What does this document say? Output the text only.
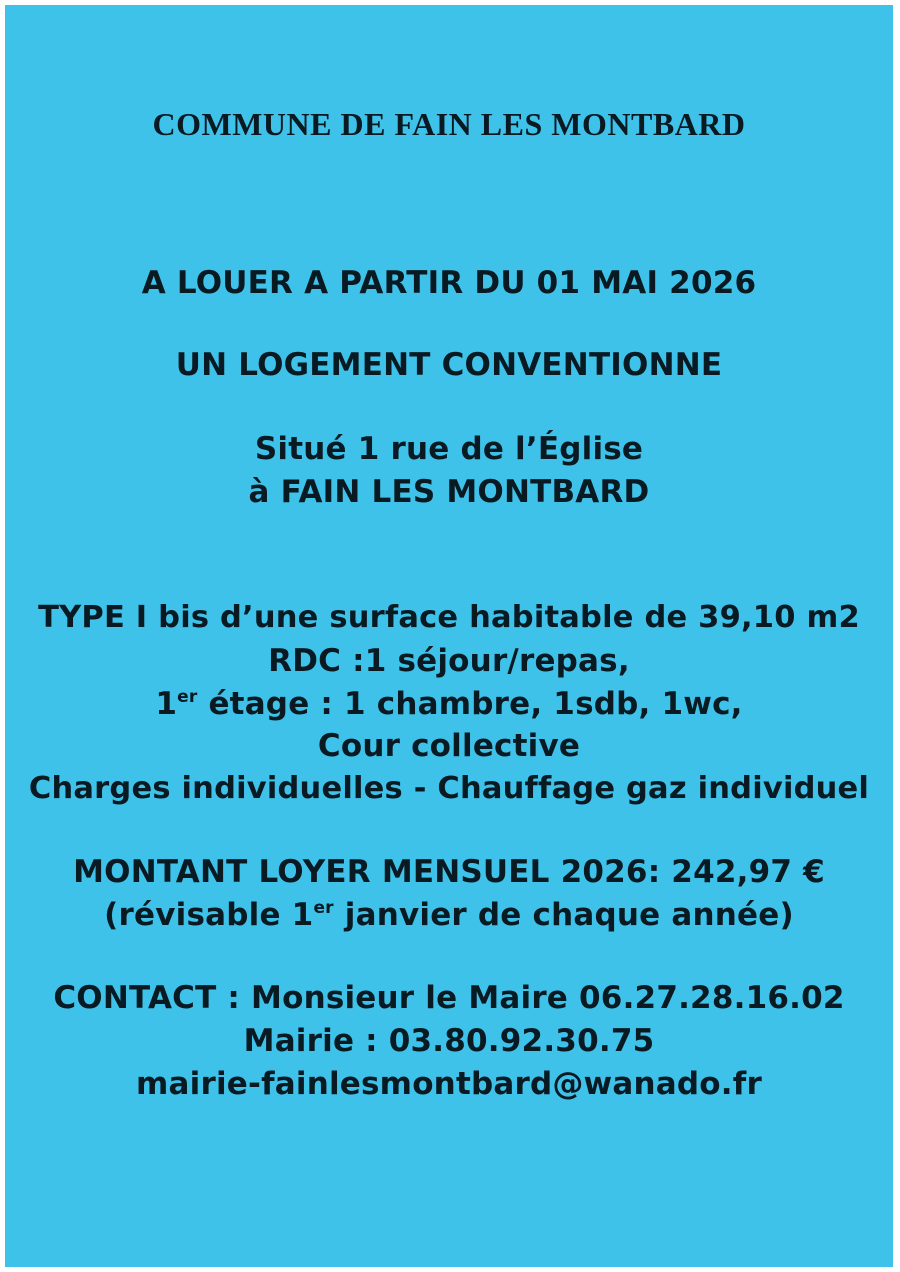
COMMUNE DE FAIN LES MONTBARD
A LOUER A PARTIR DU 01 MAI 2026
UN LOGEMENT CONVENTIONNE
Situé 1 rue de l’Église
à FAIN LES MONTBARD
TYPE I bis d’une surface habitable de 39,10 m2
RDC :1 séjour/repas,
1er étage : 1 chambre, 1sdb, 1wc,
Cour collective
Charges individuelles - Chauffage gaz individuel
MONTANT LOYER MENSUEL 2026: 242,97 €
(révisable 1er janvier de chaque année)
CONTACT : Monsieur le Maire 06.27.28.16.02
Mairie : 03.80.92.30.75
mairie-fainlesmontbard@wanado.fr
